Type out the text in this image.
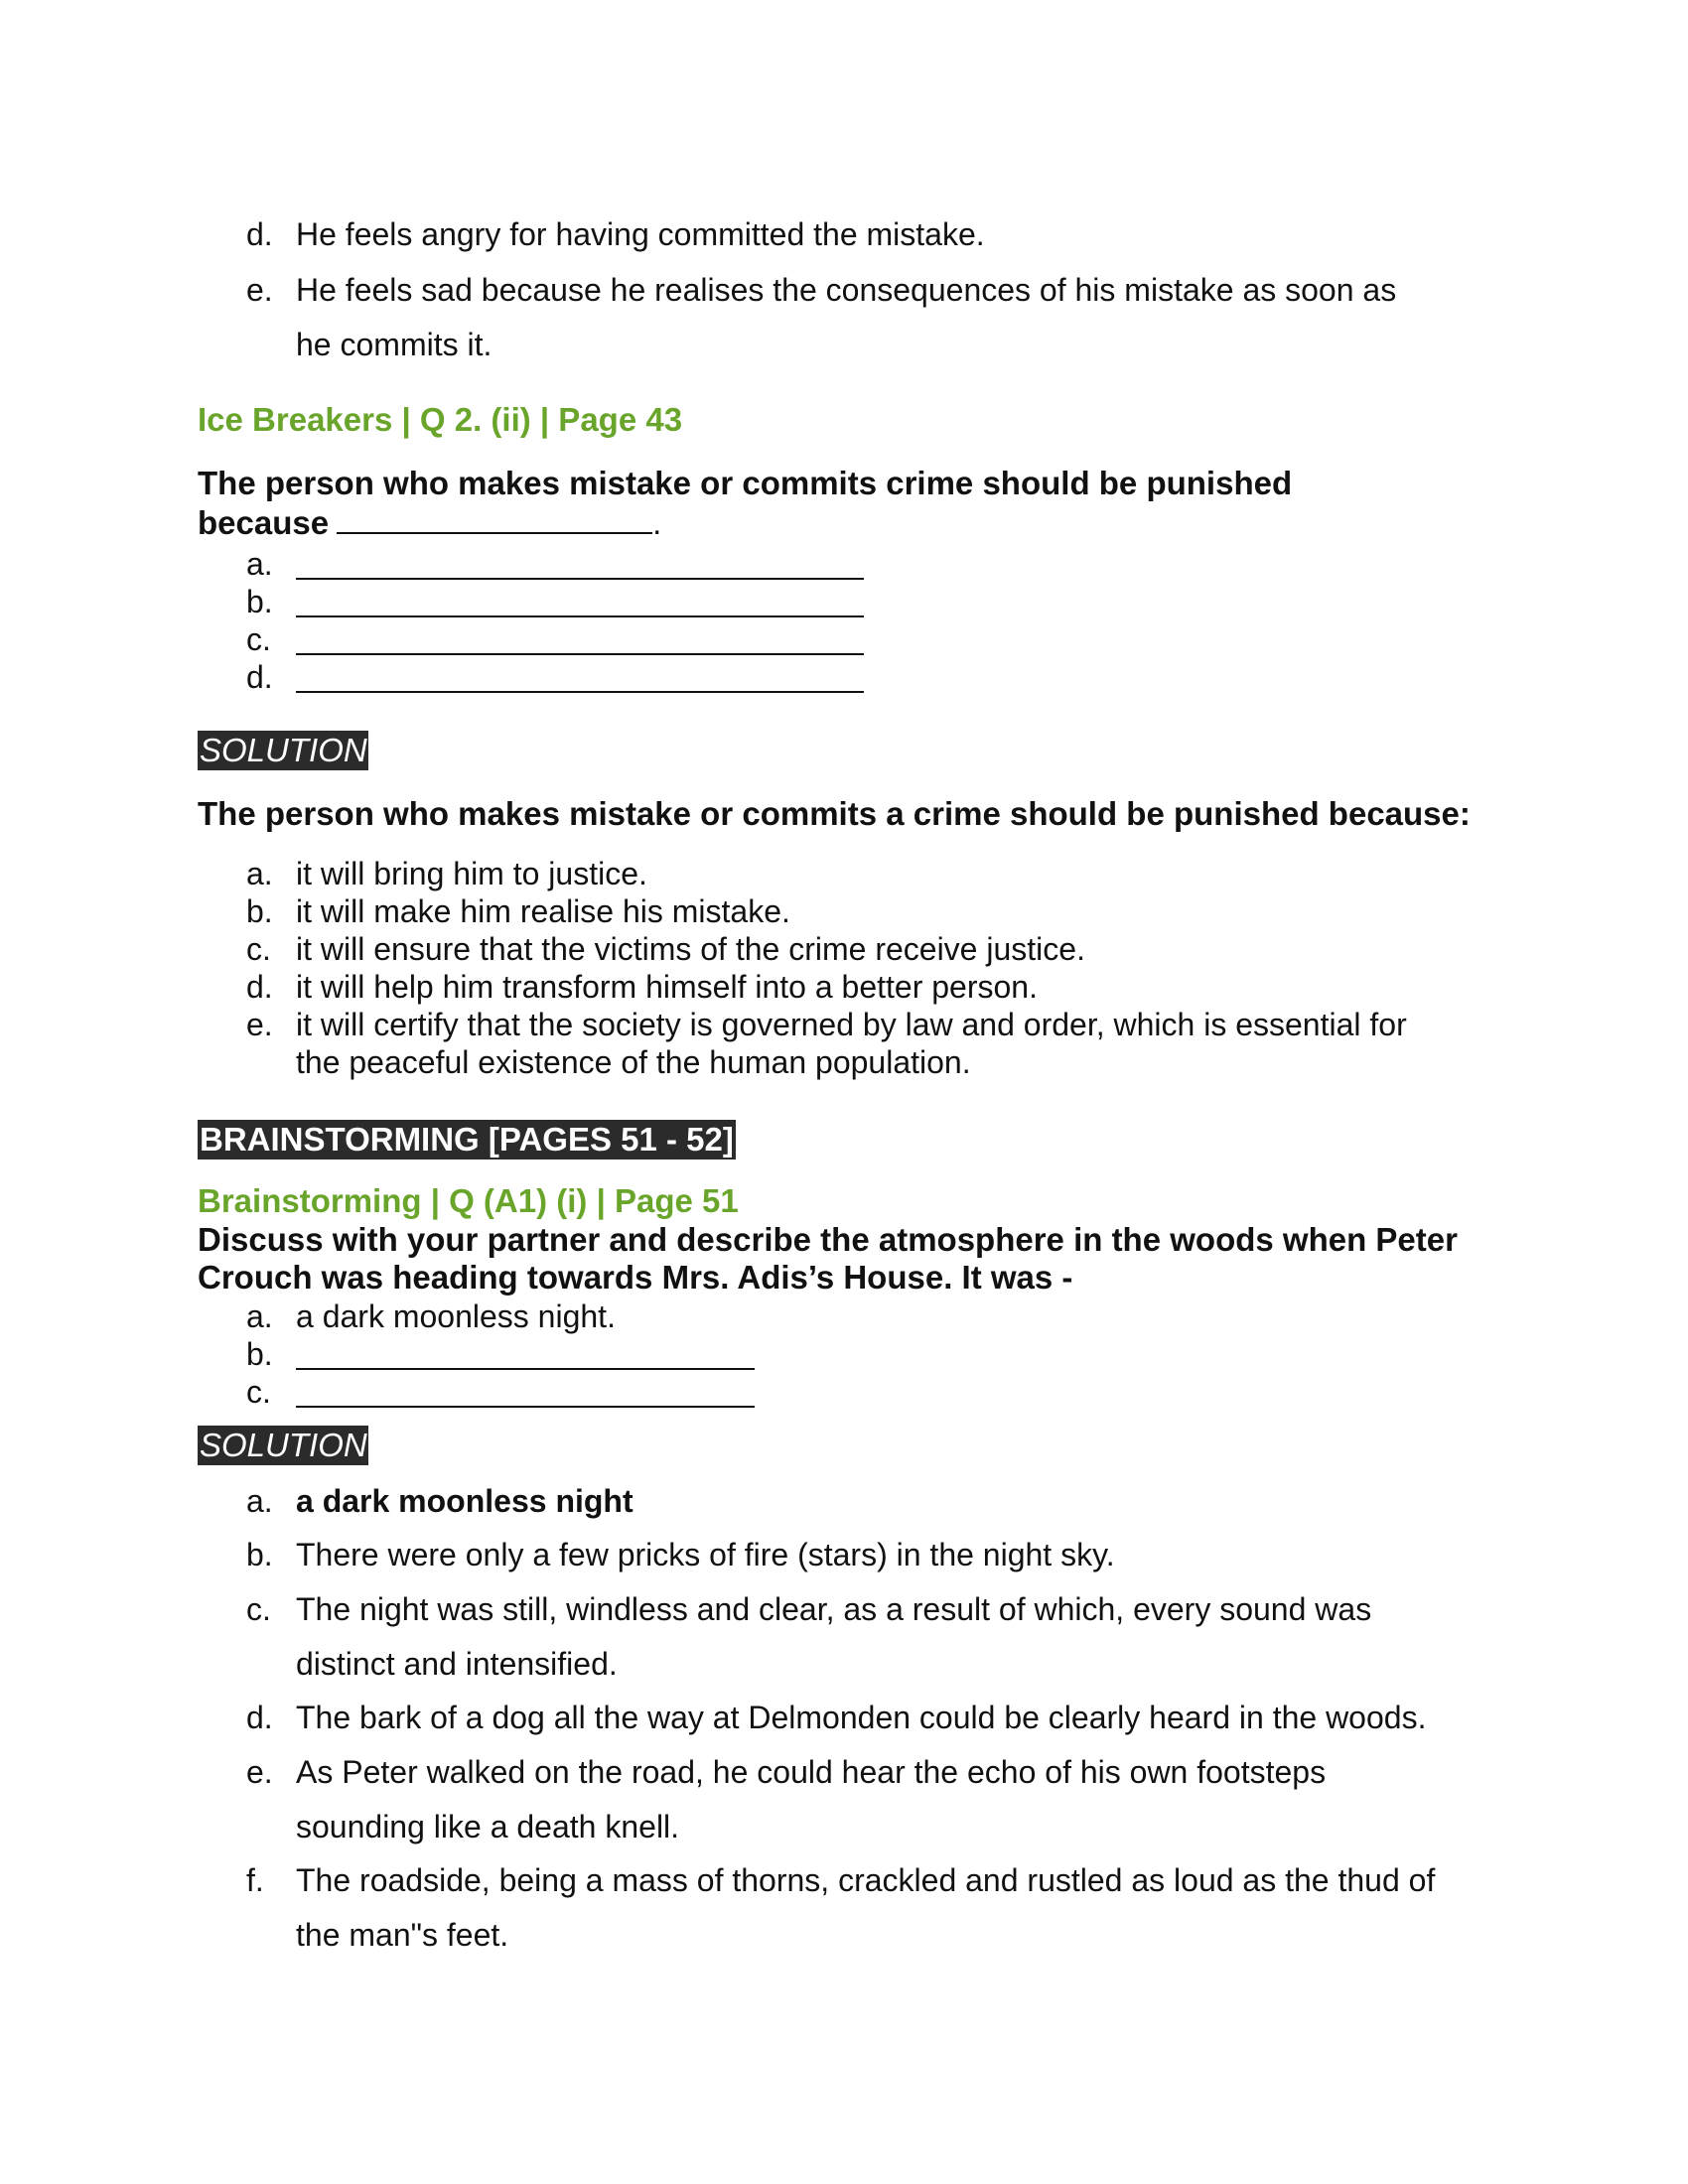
d. He feels angry for having committed the mistake.
e. He feels sad because he realises the consequences of his mistake as soon as
he commits it.
Ice Breakers | Q 2. (ii) | Page 43
The person who makes mistake or commits crime should be punished
because	.
a.
b.
c.
d.
SOLUTION
The person who makes mistake or commits a crime should be punished because:
a. it will bring him to justice.
b. it will make him realise his mistake.
c. it will ensure that the victims of the crime receive justice.
d. it will help him transform himself into a better person.
e. it will certify that the society is governed by law and order, which is essential for
the peaceful existence of the human population.
BRAINSTORMING [PAGES 51 - 52]
Brainstorming | Q (A1) (i) | Page 51
Discuss with your partner and describe the atmosphere in the woods when Peter
Crouch was heading towards Mrs. Adis’s House. It was -
a. a dark moonless night.
b.
c.
SOLUTION
a. a dark moonless night
b. There were only a few pricks of fire (stars) in the night sky.
c. The night was still, windless and clear, as a result of which, every sound was
distinct and intensified.
d. The bark of a dog all the way at Delmonden could be clearly heard in the woods.
e. As Peter walked on the road, he could hear the echo of his own footsteps
sounding like a death knell.
f.	The roadside, being a mass of thorns, crackled and rustled as loud as the thud of
the man"s feet.
